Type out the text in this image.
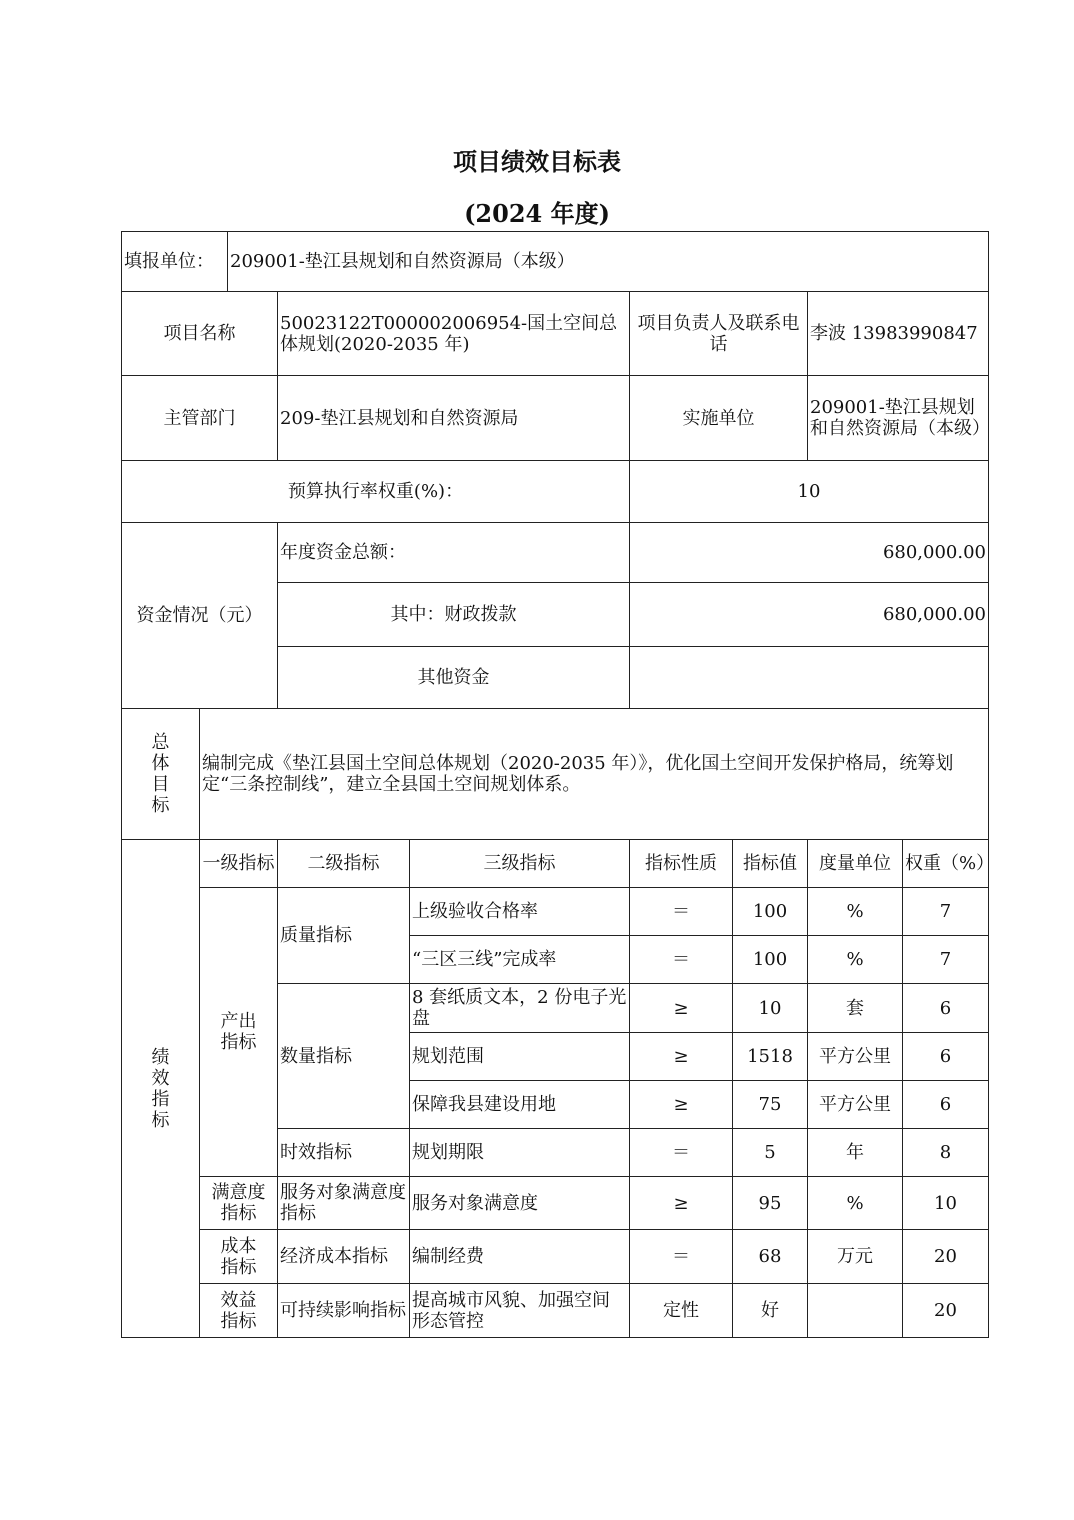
项目绩效目标表
(2024 年度)
填报单位：		209001-垫江县规划和自然资源局（本级）						
项目名称			50023122T000002006954-国土空间总体规划(2020-2035 年)		项目负责人及联系电话		李波 13983990847	
主管部门			209-垫江县规划和自然资源局		实施单位		209001-垫江县规划和自然资源局（本级）	
预算执行率权重(%)：					10			
资金情况（元）			年度资金总额：		680,000.00			
			其中：财政拨款		680,000.00			
			其他资金					

总体目标	编制完成《垫江县国土空间总体规划（2020-2035 年）》，优化国土空间开发保护格局，统筹划定“三条控制线”，建立全县国土空间规划体系。							

绩效指标	一级指标		二级指标	三级指标	指标性质	指标值	度量单位	权重（%）

	产出指标		质量指标	上级验收合格率	＝	100	%	7
				“三区三线”完成率	＝	100	%	7
			数量指标	8 套纸质文本，2 份电子光盘	≥	10	套	6
				规划范围	≥	1518	平方公里	6
				保障我县建设用地	≥	75	平方公里	6
			时效指标	规划期限	＝	5	年	8

	满意度指标		服务对象满意度指标	服务对象满意度	≥	95	%	10

	成本指标		经济成本指标	编制经费	＝	68	万元	20

	效益指标		可持续影响指标	提高城市风貌、加强空间形态管控	定性	好		20
